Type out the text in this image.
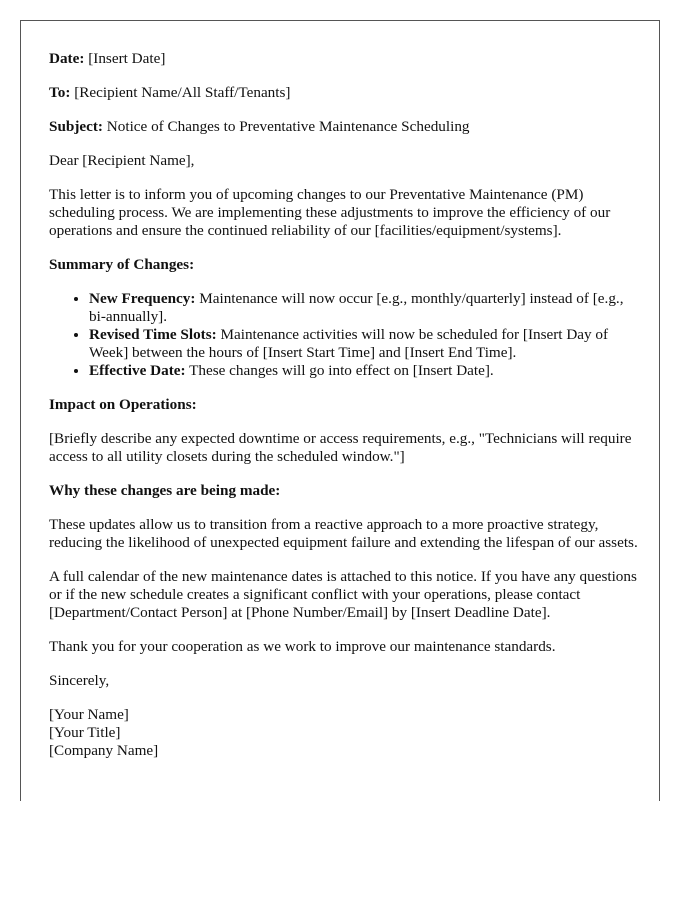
Date: [Insert Date]

To: [Recipient Name/All Staff/Tenants]

Subject: Notice of Changes to Preventative Maintenance Scheduling

Dear [Recipient Name],

This letter is to inform you of upcoming changes to our Preventative Maintenance (PM) scheduling process. We are implementing these adjustments to improve the efficiency of our operations and ensure the continued reliability of our [facilities/equipment/systems].

Summary of Changes:

• New Frequency: Maintenance will now occur [e.g., monthly/quarterly] instead of [e.g., bi-annually].
• Revised Time Slots: Maintenance activities will now be scheduled for [Insert Day of Week] between the hours of [Insert Start Time] and [Insert End Time].
• Effective Date: These changes will go into effect on [Insert Date].

Impact on Operations:

[Briefly describe any expected downtime or access requirements, e.g., "Technicians will require access to all utility closets during the scheduled window."]

Why these changes are being made:

These updates allow us to transition from a reactive approach to a more proactive strategy, reducing the likelihood of unexpected equipment failure and extending the lifespan of our assets.

A full calendar of the new maintenance dates is attached to this notice. If you have any questions or if the new schedule creates a significant conflict with your operations, please contact [Department/Contact Person] at [Phone Number/Email] by [Insert Deadline Date].

Thank you for your cooperation as we work to improve our maintenance standards.

Sincerely,

[Your Name]
[Your Title]
[Company Name]
